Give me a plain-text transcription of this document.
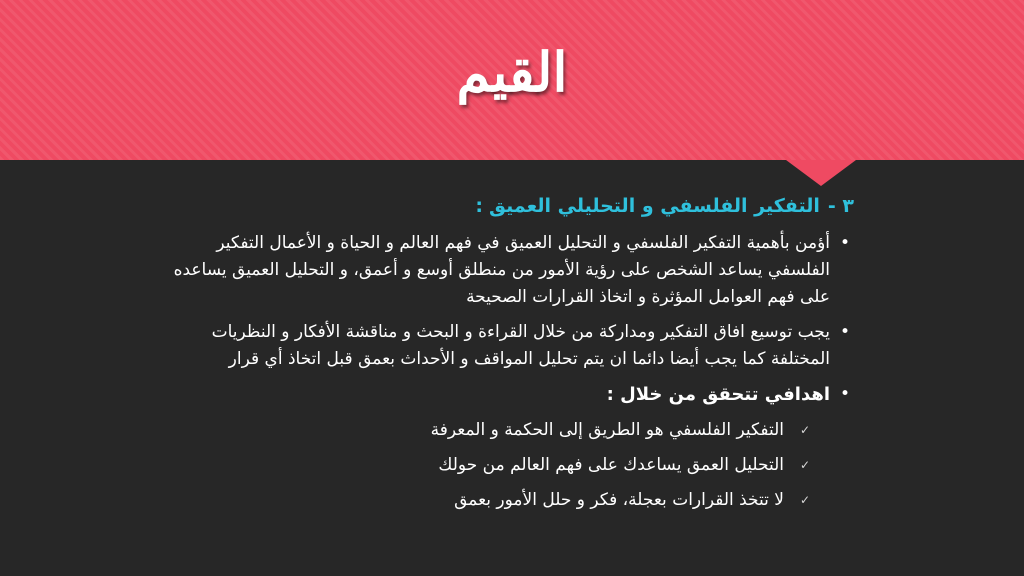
القيم
٣ -التفكير الفلسفي و التحليلي العميق:
•
أؤمن بأهمية التفكير الفلسفي و التحليل العميق في فهم العالم و الحياة و الأعمال التفكير الفلسفي يساعد الشخص على رؤية الأمور من منطلق أوسع و أعمق، و التحليل العميق يساعده على فهم العوامل المؤثرة و اتخاذ القرارات الصحيحة
•
يجب توسيع افاق التفكير ومداركة من خلال القراءة و البحث و مناقشة الأفكار و النظريات المختلفة كما يجب أيضا دائما ان يتم تحليل المواقف و الأحداث بعمق قبل اتخاذ أي قرار
•
اهدافي تتحقق من خلال :
✓
التفكير الفلسفي هو الطريق إلى الحكمة و المعرفة
✓
التحليل العمق يساعدك على فهم العالم من حولك
✓
لا تتخذ القرارات بعجلة، فكر و حلل الأمور بعمق
